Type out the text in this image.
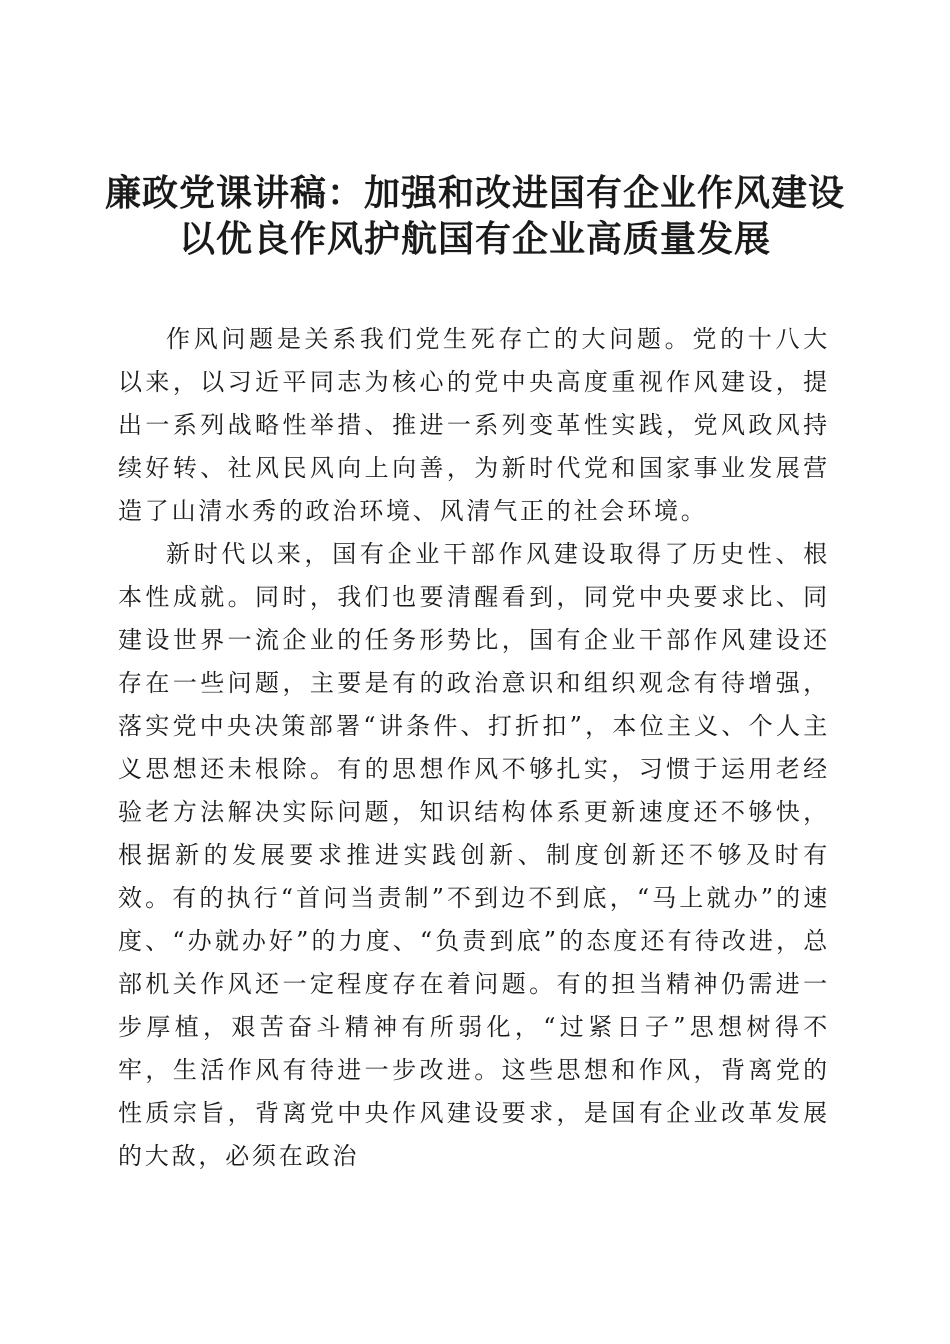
廉政党课讲稿：加强和改进国有企业作风建设
以优良作风护航国有企业高质量发展

作风问题是关系我们党生死存亡的大问题。党的十八大以来，以习近平同志为核心的党中央高度重视作风建设，提出一系列战略性举措、推进一系列变革性实践，党风政风持续好转、社风民风向上向善，为新时代党和国家事业发展营造了山清水秀的政治环境、风清气正的社会环境。

新时代以来，国有企业干部作风建设取得了历史性、根本性成就。同时，我们也要清醒看到，同党中央要求比、同建设世界一流企业的任务形势比，国有企业干部作风建设还存在一些问题，主要是有的政治意识和组织观念有待增强，落实党中央决策部署“讲条件、打折扣”，本位主义、个人主义思想还未根除。有的思想作风不够扎实，习惯于运用老经验老方法解决实际问题，知识结构体系更新速度还不够快，根据新的发展要求推进实践创新、制度创新还不够及时有效。有的执行“首问当责制”不到边不到底，“马上就办”的速度、“办就办好”的力度、“负责到底”的态度还有待改进，总部机关作风还一定程度存在着问题。有的担当精神仍需进一步厚植，艰苦奋斗精神有所弱化，“过紧日子”思想树得不牢，生活作风有待进一步改进。这些思想和作风，背离党的性质宗旨，背离党中央作风建设要求，是国有企业改革发展的大敌，必须在政治
